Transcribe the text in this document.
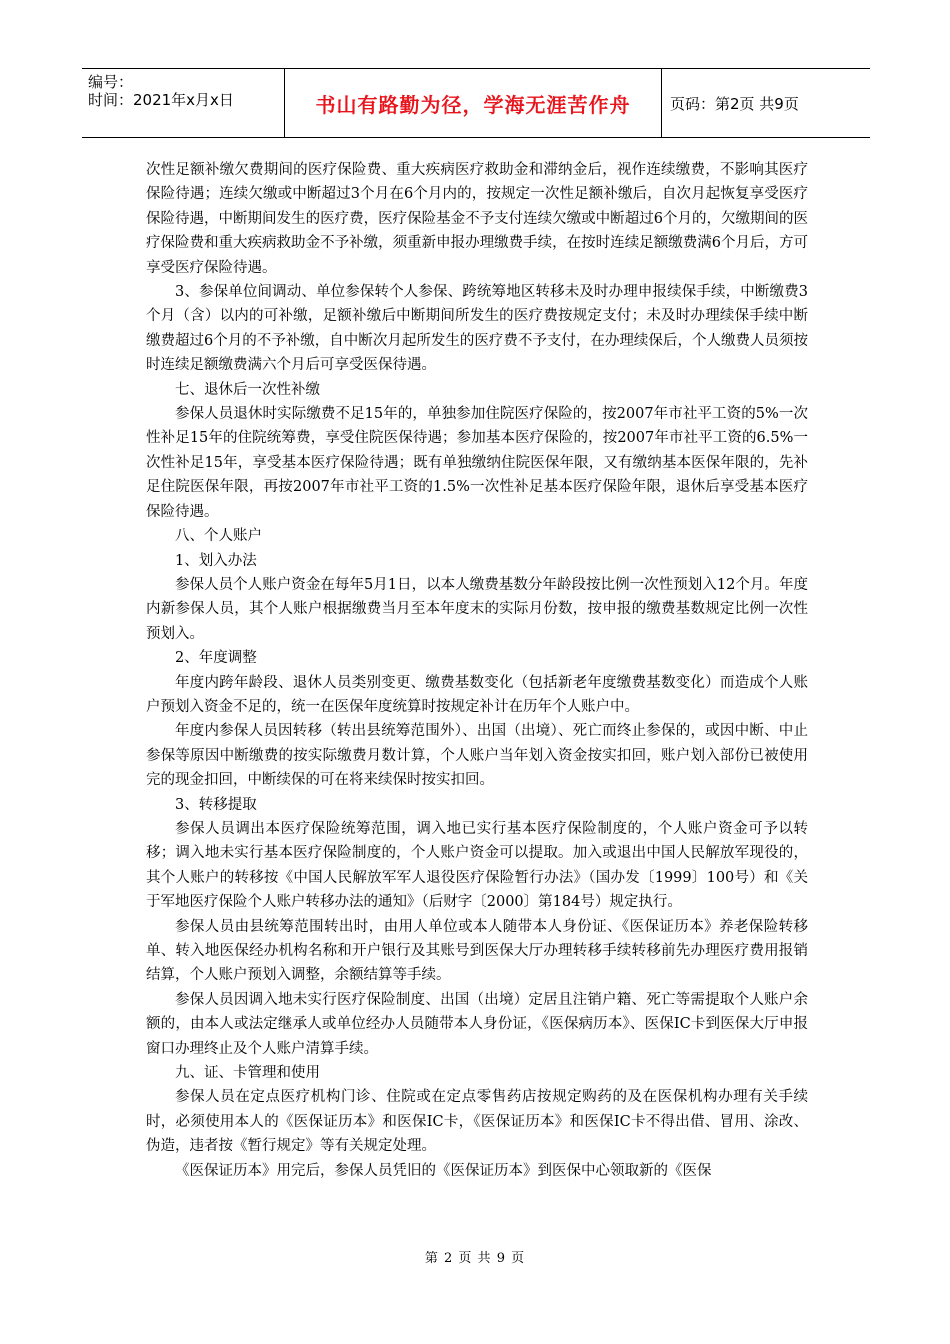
编号：
时间：2021年x月x日	书山有路勤为径，学海无涯苦作舟	页码：第2页 共9页

次性足额补缴欠费期间的医疗保险费、重大疾病医疗救助金和滞纳金后，视作连续缴费，不影响其医疗保险待遇；连续欠缴或中断超过3个月在6个月内的，按规定一次性足额补缴后，自次月起恢复享受医疗保险待遇，中断期间发生的医疗费，医疗保险基金不予支付连续欠缴或中断超过6个月的，欠缴期间的医疗保险费和重大疾病救助金不予补缴，须重新申报办理缴费手续，在按时连续足额缴费满6个月后，方可享受医疗保险待遇。

3、参保单位间调动、单位参保转个人参保、跨统筹地区转移未及时办理申报续保手续，中断缴费3个月（含）以内的可补缴，足额补缴后中断期间所发生的医疗费按规定支付；未及时办理续保手续中断缴费超过6个月的不予补缴，自中断次月起所发生的医疗费不予支付，在办理续保后，个人缴费人员须按时连续足额缴费满六个月后可享受医保待遇。

七、退休后一次性补缴

参保人员退休时实际缴费不足15年的，单独参加住院医疗保险的，按2007年市社平工资的5%一次性补足15年的住院统筹费，享受住院医保待遇；参加基本医疗保险的，按2007年市社平工资的6.5%一次性补足15年，享受基本医疗保险待遇；既有单独缴纳住院医保年限，又有缴纳基本医保年限的，先补足住院医保年限，再按2007年市社平工资的1.5%一次性补足基本医疗保险年限，退休后享受基本医疗保险待遇。

八、个人账户

1、划入办法

参保人员个人账户资金在每年5月1日，以本人缴费基数分年龄段按比例一次性预划入12个月。年度内新参保人员，其个人账户根据缴费当月至本年度末的实际月份数，按申报的缴费基数规定比例一次性预划入。

2、年度调整

年度内跨年龄段、退休人员类别变更、缴费基数变化（包括新老年度缴费基数变化）而造成个人账户预划入资金不足的，统一在医保年度统算时按规定补计在历年个人账户中。

年度内参保人员因转移（转出县统筹范围外）、出国（出境）、死亡而终止参保的，或因中断、中止参保等原因中断缴费的按实际缴费月数计算，个人账户当年划入资金按实扣回，账户划入部份已被使用完的现金扣回，中断续保的可在将来续保时按实扣回。

3、转移提取

参保人员调出本医疗保险统筹范围，调入地已实行基本医疗保险制度的，个人账户资金可予以转移；调入地未实行基本医疗保险制度的，个人账户资金可以提取。加入或退出中国人民解放军现役的，其个人账户的转移按《中国人民解放军军人退役医疗保险暂行办法》（国办发〔1999〕100号）和《关于军地医疗保险个人账户转移办法的通知》（后财字〔2000〕第184号）规定执行。

参保人员由县统筹范围转出时，由用人单位或本人随带本人身份证、《医保证历本》养老保险转移单、转入地医保经办机构名称和开户银行及其账号到医保大厅办理转移手续转移前先办理医疗费用报销结算，个人账户预划入调整，余额结算等手续。

参保人员因调入地未实行医疗保险制度、出国（出境）定居且注销户籍、死亡等需提取个人账户余额的，由本人或法定继承人或单位经办人员随带本人身份证，《医保病历本》、医保IC卡到医保大厅申报窗口办理终止及个人账户清算手续。

九、证、卡管理和使用

参保人员在定点医疗机构门诊、住院或在定点零售药店按规定购药的及在医保机构办理有关手续时，必须使用本人的《医保证历本》和医保IC卡，《医保证历本》和医保IC卡不得出借、冒用、涂改、伪造，违者按《暂行规定》等有关规定处理。

《医保证历本》用完后，参保人员凭旧的《医保证历本》到医保中心领取新的《医保

第 2 页 共 9 页
